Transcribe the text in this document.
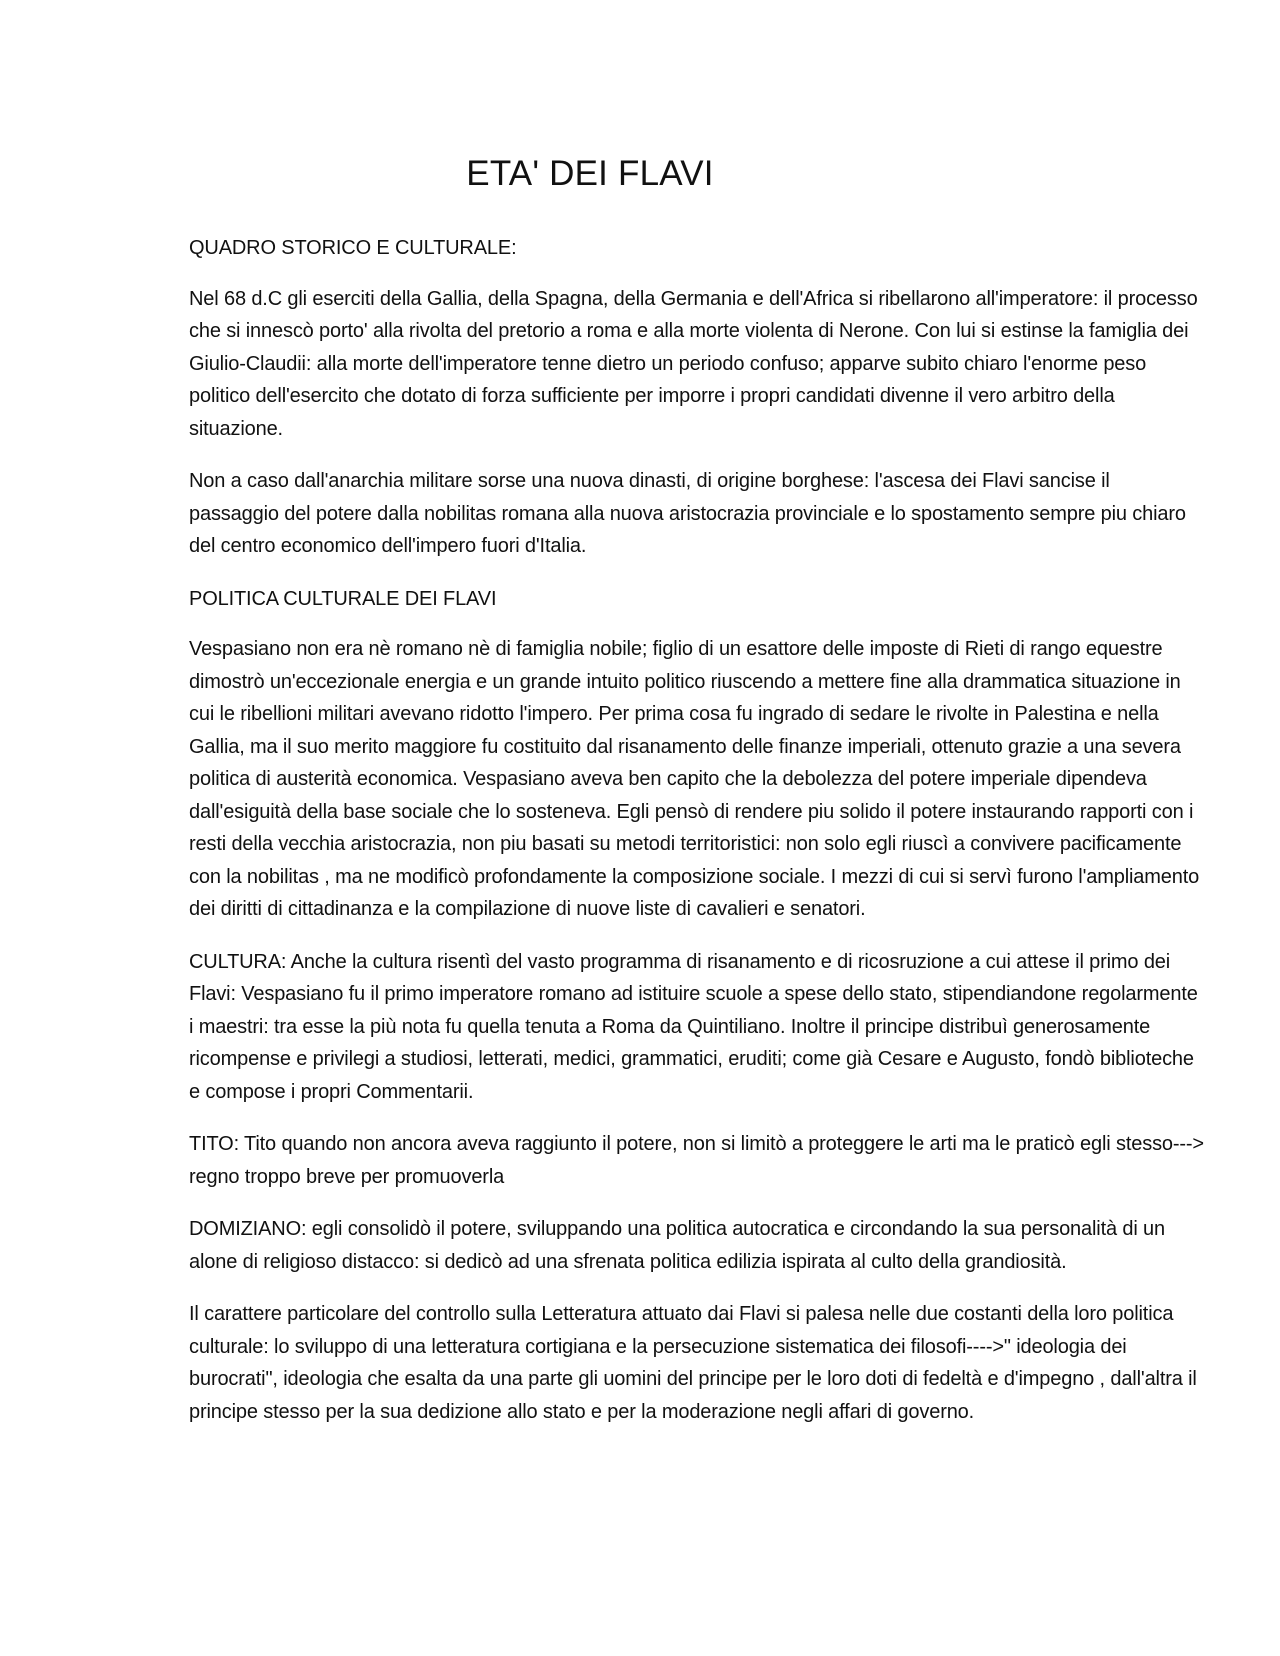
ETA' DEI FLAVI

QUADRO STORICO E CULTURALE:

Nel 68 d.C gli eserciti della Gallia, della Spagna, della Germania e dell'Africa si ribellarono all'imperatore: il processo che si innescò porto' alla rivolta del pretorio a roma e alla morte violenta di Nerone. Con lui si estinse la famiglia dei Giulio-Claudii: alla morte dell'imperatore tenne dietro un periodo confuso; apparve subito chiaro l'enorme peso politico dell'esercito che dotato di forza sufficiente per imporre i propri candidati divenne il vero arbitro della situazione.

Non a caso dall'anarchia militare sorse una nuova dinasti, di origine borghese: l'ascesa dei Flavi sancise il passaggio del potere dalla nobilitas romana alla nuova aristocrazia provinciale e lo spostamento sempre piu chiaro del centro economico dell'impero fuori d'Italia.

POLITICA CULTURALE DEI FLAVI

Vespasiano non era nè romano nè di famiglia nobile; figlio di un esattore delle imposte di Rieti di rango equestre dimostrò un'eccezionale energia e un grande intuito politico riuscendo a mettere fine alla drammatica situazione in cui le ribellioni militari avevano ridotto l'impero. Per prima cosa fu ingrado di sedare le rivolte in Palestina e nella Gallia, ma il suo merito maggiore fu costituito dal risanamento delle finanze imperiali, ottenuto grazie a una severa politica di austerità economica. Vespasiano aveva ben capito che la debolezza del potere imperiale dipendeva dall'esiguità della base sociale che lo sosteneva. Egli pensò di rendere piu solido il potere instaurando rapporti con i resti della vecchia aristocrazia, non piu basati su metodi territoristici: non solo egli riuscì a convivere pacificamente con la nobilitas , ma ne modificò profondamente la composizione sociale. I mezzi di cui si servì furono l'ampliamento dei diritti di cittadinanza e la compilazione di nuove liste di cavalieri e senatori.

CULTURA: Anche la cultura risentì del vasto programma di risanamento e di ricosruzione a cui attese il primo dei Flavi: Vespasiano fu il primo imperatore romano ad istituire scuole a spese dello stato, stipendiandone regolarmente i maestri: tra esse la più nota fu quella tenuta a Roma da Quintiliano. Inoltre il principe distribuì generosamente ricompense e privilegi a studiosi, letterati, medici, grammatici, eruditi; come già Cesare e Augusto, fondò biblioteche e compose i propri Commentarii.

TITO: Tito quando non ancora aveva raggiunto il potere, non si limitò a proteggere le arti ma le praticò egli stesso---> regno troppo breve per promuoverla

DOMIZIANO: egli consolidò il potere, sviluppando una politica autocratica e circondando la sua personalità di un alone di religioso distacco: si dedicò ad una sfrenata politica edilizia ispirata al culto della grandiosità.

Il carattere particolare del controllo sulla Letteratura attuato dai Flavi si palesa nelle due costanti della loro politica culturale: lo sviluppo di una letteratura cortigiana e la persecuzione sistematica dei filosofi---->" ideologia dei burocrati", ideologia che esalta da una parte gli uomini del principe per le loro doti di fedeltà e d'impegno , dall'altra il principe stesso per la sua dedizione allo stato e per la moderazione negli affari di governo.
